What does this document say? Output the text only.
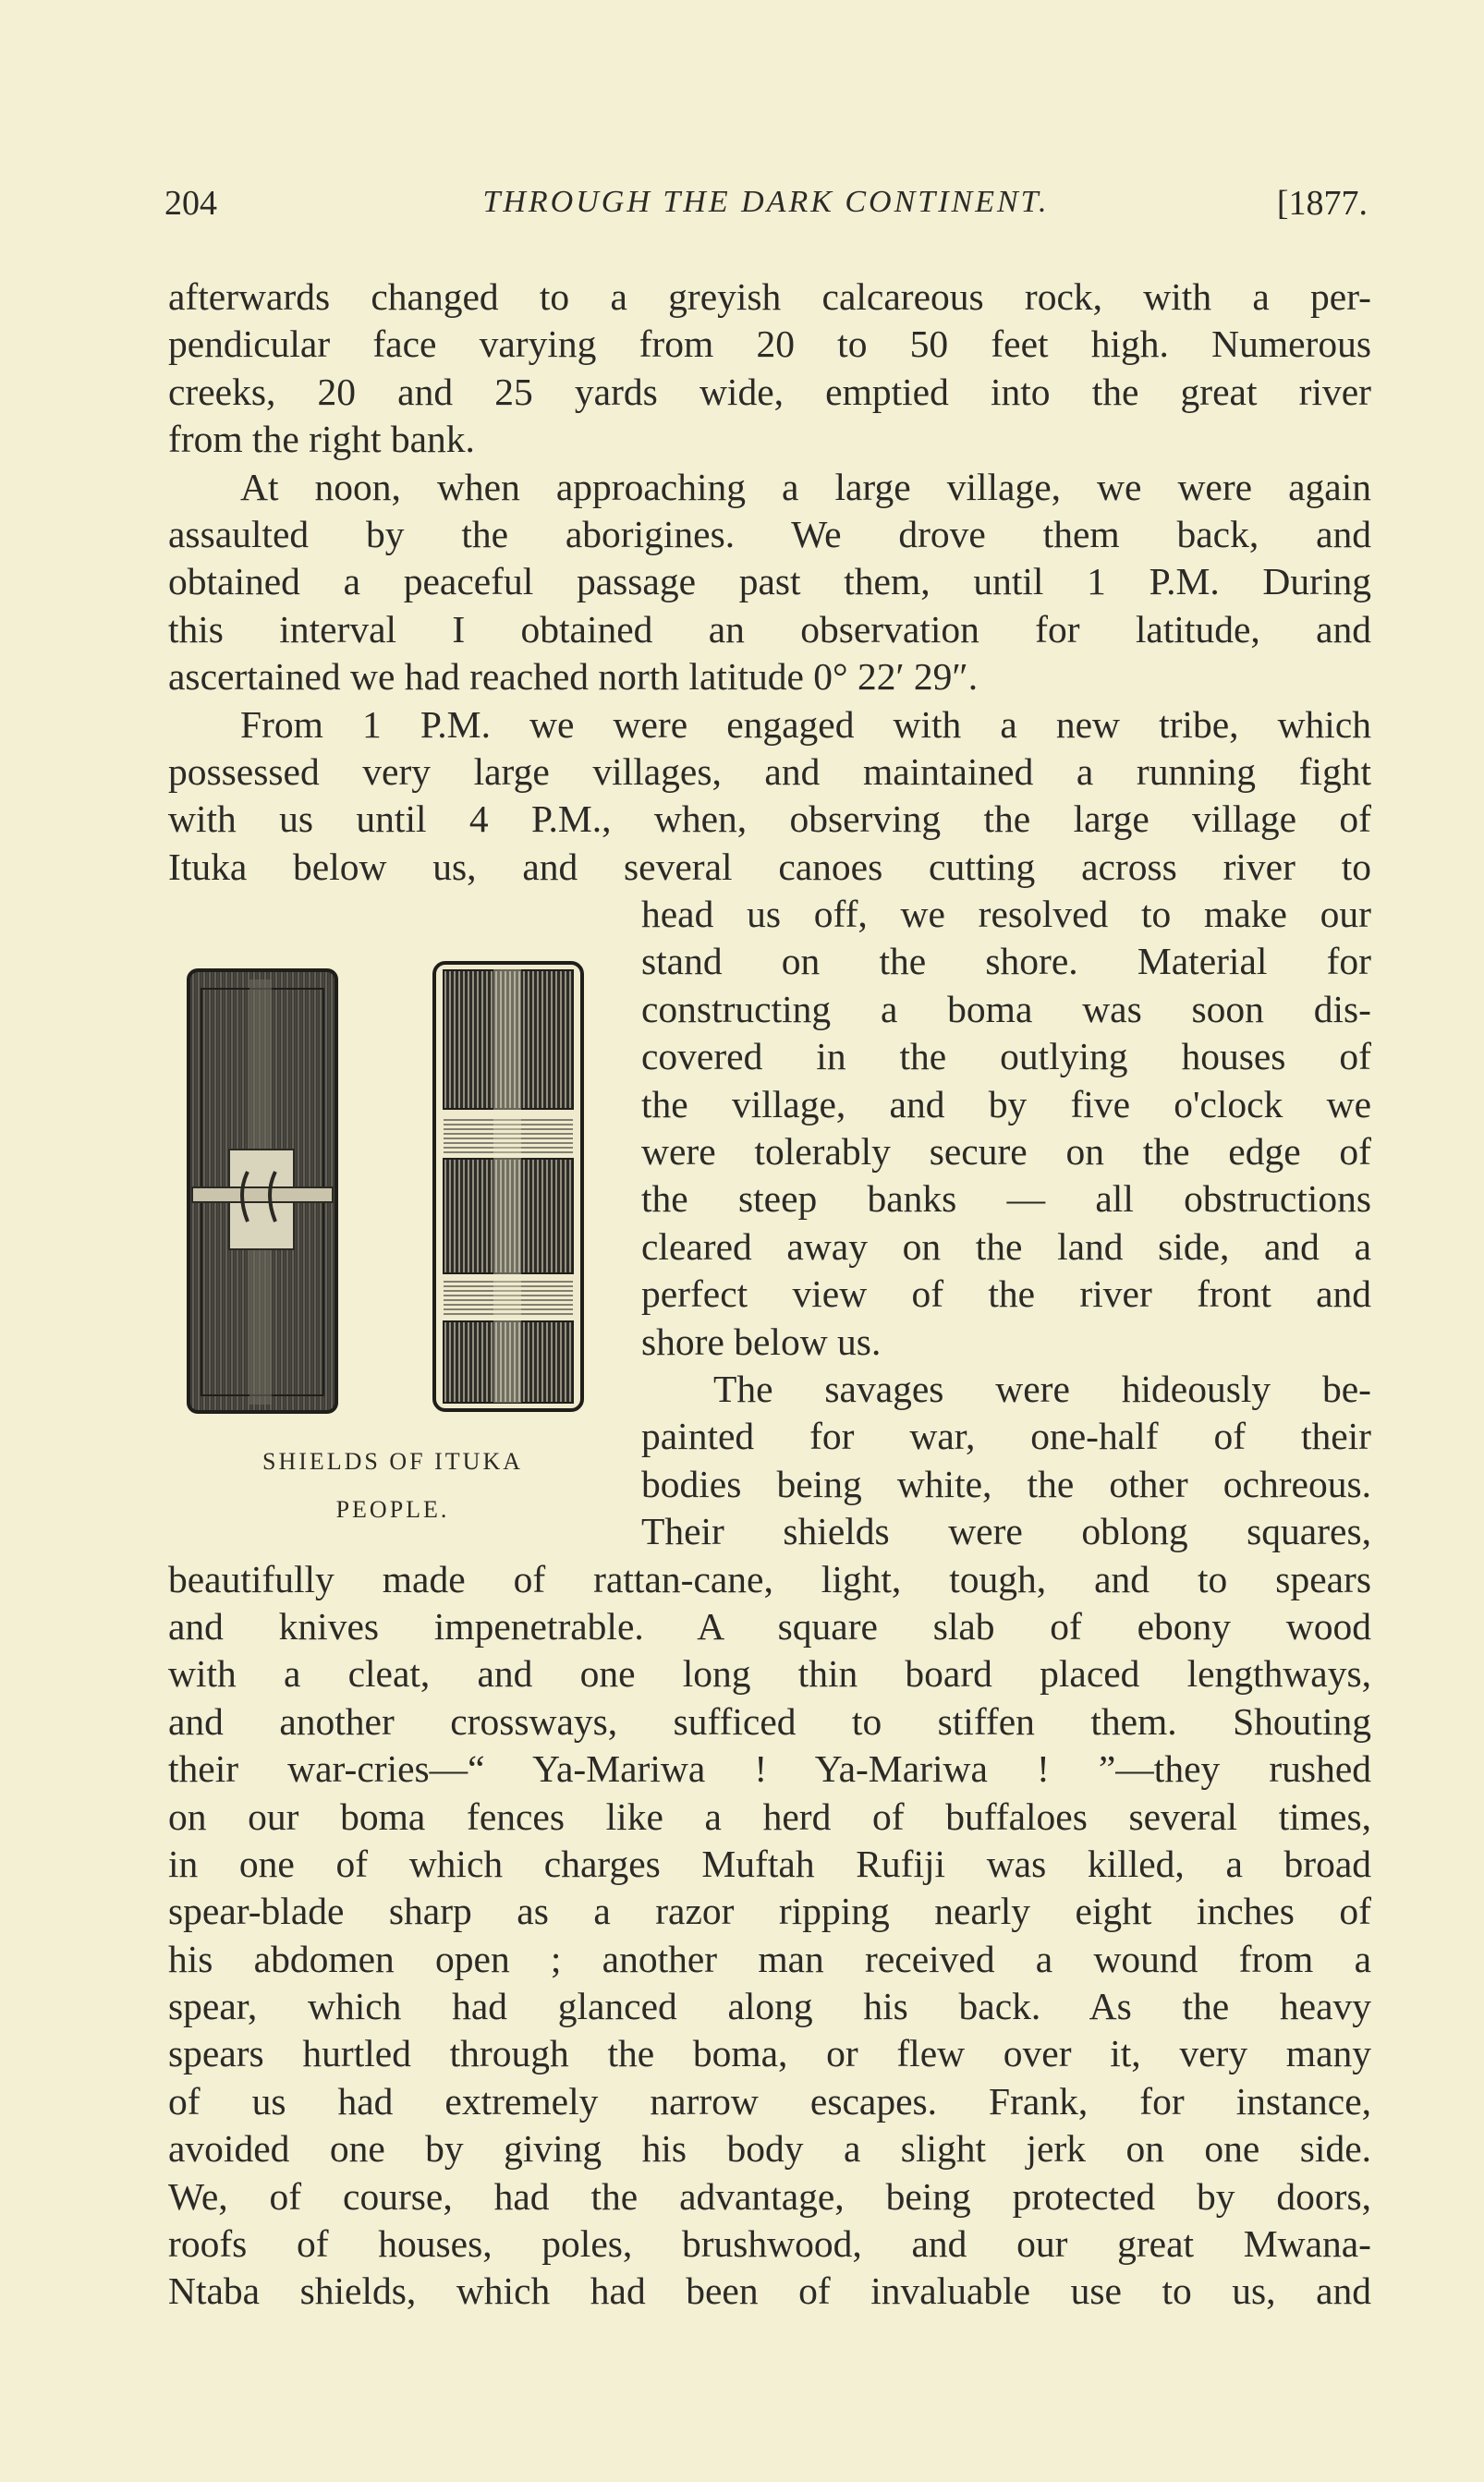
204	THROUGH THE DARK CONTINENT.	[1877.
afterwards changed to a greyish calcareous rock, with a per-
pendicular face varying from 20 to 50 feet high. Numerous
creeks, 20 and 25 yards wide, emptied into the great river
from the right bank.
At noon, when approaching a large village, we were again
assaulted by the aborigines. We drove them back, and
obtained a peaceful passage past them, until 1 P.M. During
this interval I obtained an observation for latitude, and
ascertained we had reached north latitude 0° 22′ 29″.
From 1 P.M. we were engaged with a new tribe, which
possessed very large villages, and maintained a running fight
with us until 4 P.M., when, observing the large village of
Ituka below us, and several canoes cutting across river to
head us off, we resolved to make our
stand on the shore. Material for
constructing a boma was soon dis-
covered in the outlying houses of
the village, and by five o'clock we
were tolerably secure on the edge of
the steep banks — all obstructions
cleared away on the land side, and a
perfect view of the river front and
shore below us.
The savages were hideously be-
painted for war, one-half of their
bodies being white, the other ochreous.
Their shields were oblong squares,
beautifully made of rattan-cane, light, tough, and to spears
and knives impenetrable. A square slab of ebony wood
with a cleat, and one long thin board placed lengthways,
and another crossways, sufficed to stiffen them. Shouting
their war-cries—“ Ya-Mariwa ! Ya-Mariwa ! ”—they rushed
on our boma fences like a herd of buffaloes several times,
in one of which charges Muftah Rufiji was killed, a broad
spear-blade sharp as a razor ripping nearly eight inches of
his abdomen open ; another man received a wound from a
spear, which had glanced along his back. As the heavy
spears hurtled through the boma, or flew over it, very many
of us had extremely narrow escapes. Frank, for instance,
avoided one by giving his body a slight jerk on one side.
We, of course, had the advantage, being protected by doors,
roofs of houses, poles, brushwood, and our great Mwana-
Ntaba shields, which had been of invaluable use to us, and
SHIELDS OF ITUKA
PEOPLE.
